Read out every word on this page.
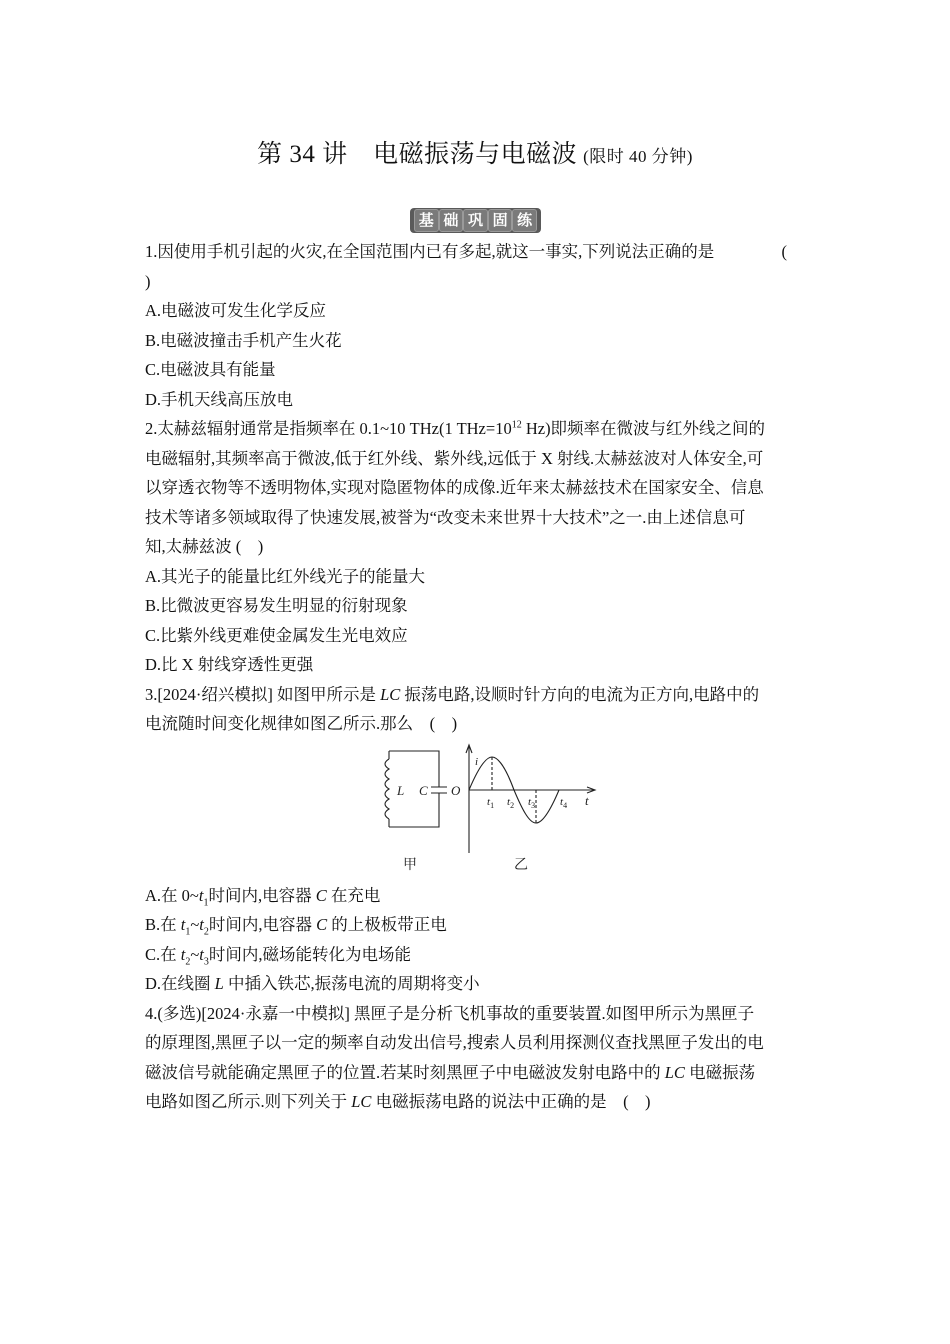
第 34 讲　电磁振荡与电磁波 (限时 40 分钟)
基 础 巩 固 练
1.因使用手机引起的火灾,在全国范围内已有多起,就这一事实,下列说法正确的是	(

)

A.电磁波可发生化学反应

B.电磁波撞击手机产生火花

C.电磁波具有能量

D.手机天线高压放电

2.太赫兹辐射通常是指频率在 0.1~10 THz(1 $THz=10^{12}$ Hz)即频率在微波与红外线之间的

电磁辐射,其频率高于微波,低于红外线、紫外线,远低于 X 射线.太赫兹波对人体安全,可

以穿透衣物等不透明物体,实现对隐匿物体的成像.近年来太赫兹技术在国家安全、信息

技术等诸多领域取得了快速发展,被誉为“改变未来世界十大技术”之一.由上述信息可

知,太赫兹波 (　)

A.其光子的能量比红外线光子的能量大

B.比微波更容易发生明显的衍射现象

C.比紫外线更难使金属发生光电效应

D.比 X 射线穿透性更强

3.[2024·绍兴模拟] 如图甲所示是 LC 振荡电路,设顺时针方向的电流为正方向,电路中的

电流随时间变化规律如图乙所示.那么　(　)

L C
甲
i
O
t
$t_1$ $t_2$ $t_3$ $t_4$
乙

A.在 $0\sim t_1$时间内,电容器 C 在充电

B.在 $t_1\sim t_2$时间内,电容器 C 的上极板带正电

C.在 $t_2\sim t_3$时间内,磁场能转化为电场能

D.在线圈 L 中插入铁芯,振荡电流的周期将变小

4.(多选)[2024·永嘉一中模拟] 黑匣子是分析飞机事故的重要装置.如图甲所示为黑匣子

的原理图,黑匣子以一定的频率自动发出信号,搜索人员利用探测仪查找黑匣子发出的电

磁波信号就能确定黑匣子的位置.若某时刻黑匣子中电磁波发射电路中的 LC 电磁振荡

电路如图乙所示.则下列关于 LC 电磁振荡电路的说法中正确的是　(　)
